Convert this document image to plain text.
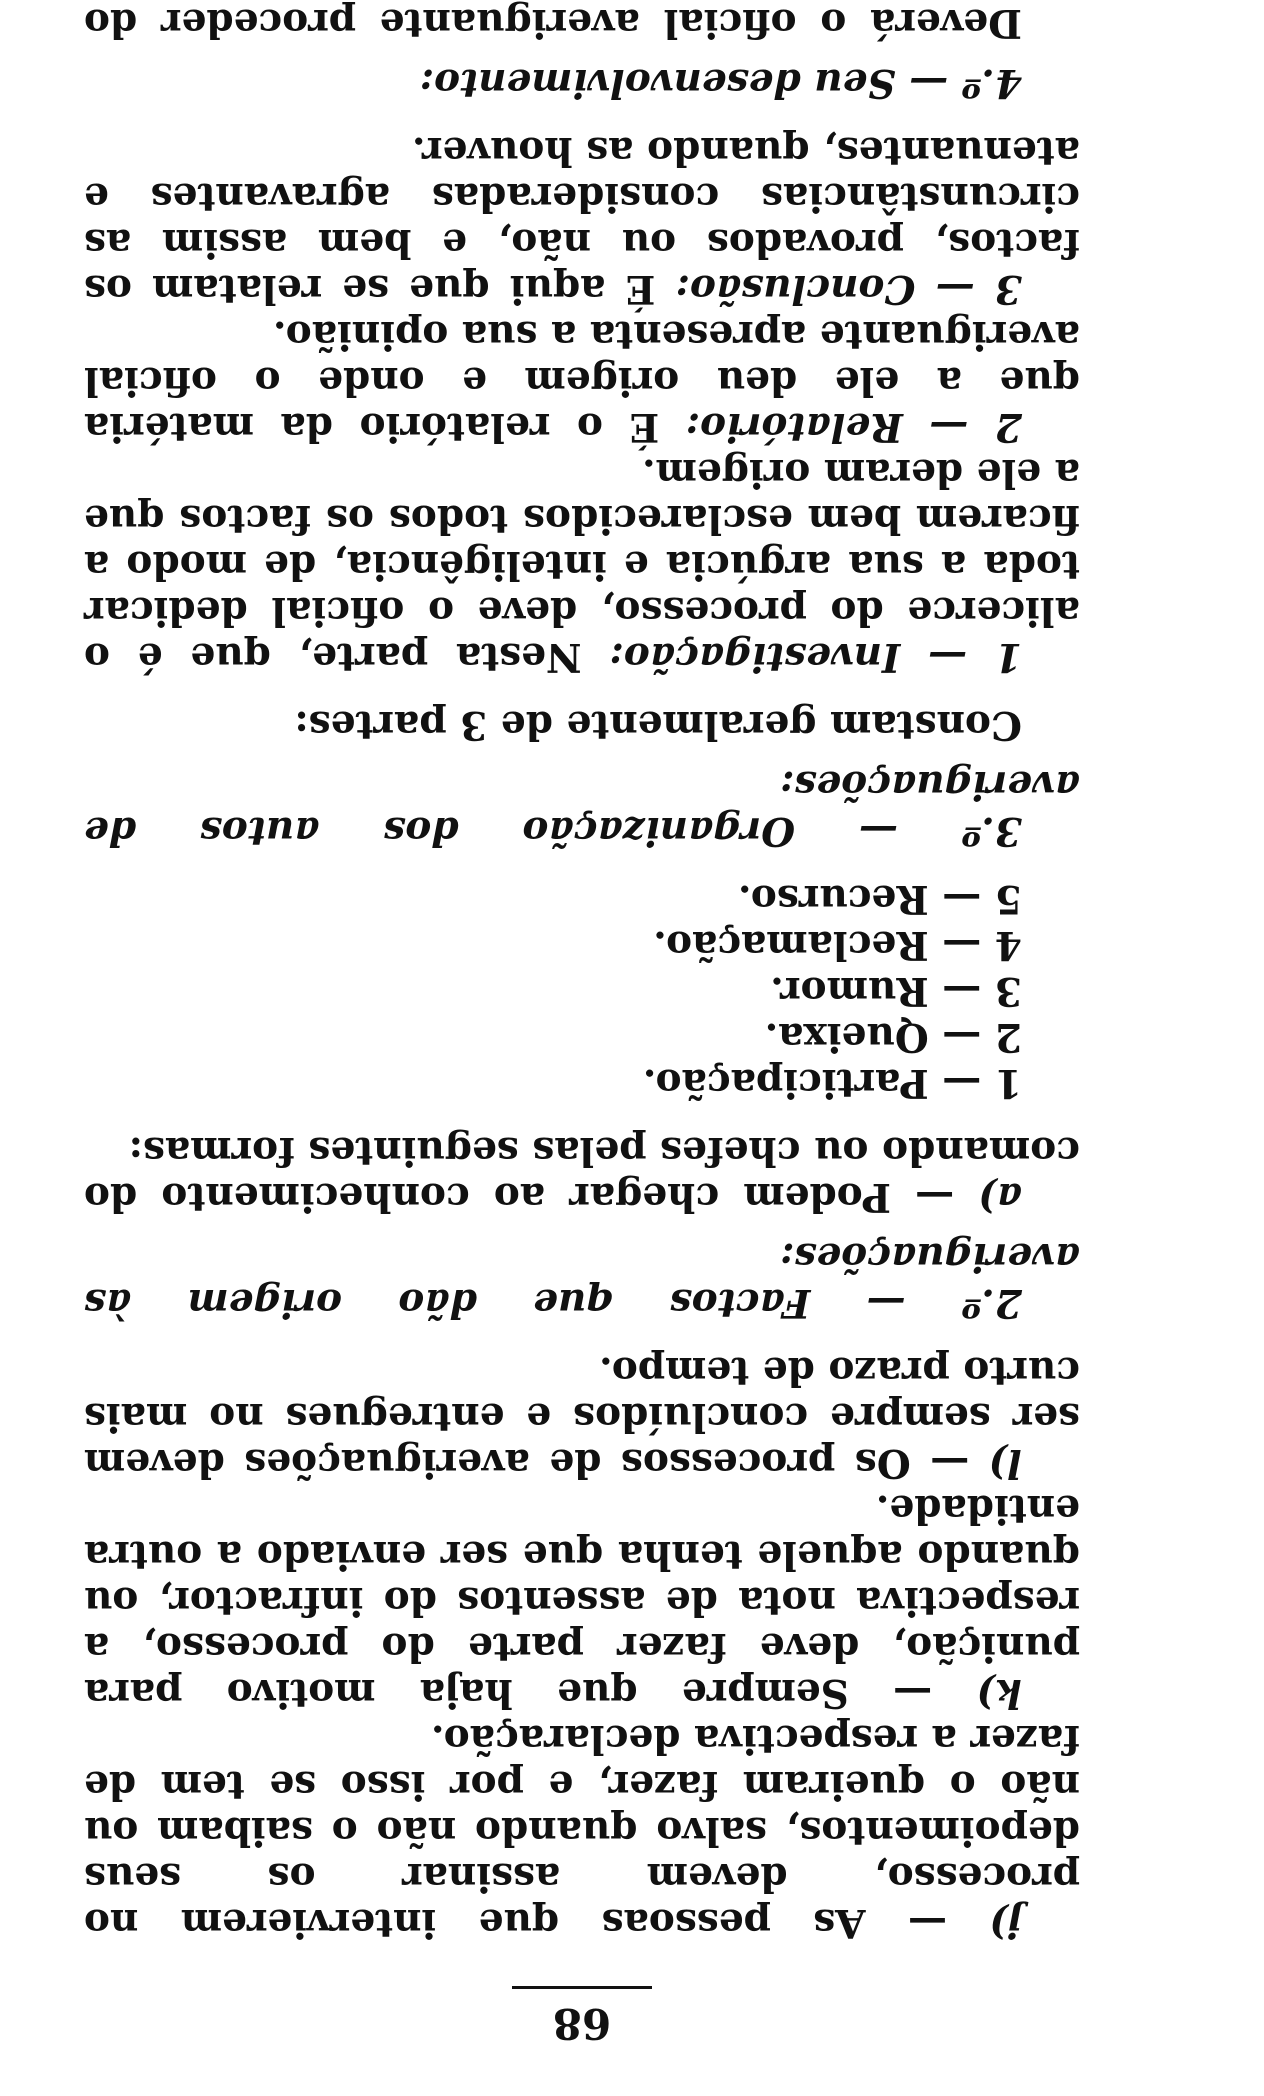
68

j) — As pessoas que intervierem no processo, devem assinar os seus depoimentos, salvo quando não o saibam ou não o queiram fazer, e por isso se tem de fazer a respectiva declaração.

k) — Sempre que haja motivo para punição, deve fazer parte do processo, a respectiva nota de assentos do infractor, ou quando aquele tenha que ser enviado a outra entidade.

l) — Os processos de averiguações devem ser sempre concluídos e entregues no mais curto prazo de tempo.

2.º — Factos que dão origem às averiguações:

a) — Podem chegar ao conhecimento do comando ou chefes pelas seguintes formas:

1 — Participação.

2 — Queixa.

3 — Rumor.

4 — Reclamação.

5 — Recurso.

3.º — Organização dos autos de averiguações:

Constam geralmente de 3 partes:

1 — Investigação: Nesta parte, que é o alicerce do processo, deve o oficial dedicar toda a sua argúcia e inteligência, de modo a ficarem bem esclarecidos todos os factos que a ele deram origem.

2 — Relatório: É o relatório da matéria que a ele deu origem e onde o oficial averiguante apresenta a sua opinião.

3 — Conclusão: É aqui que se relatam os factos, provados ou não, e bem assim as circunstâncias consideradas agravantes e atenuantes, quando as houver.

4.º — Seu desenvolvimento:

Deverá o oficial averiguante proceder do
